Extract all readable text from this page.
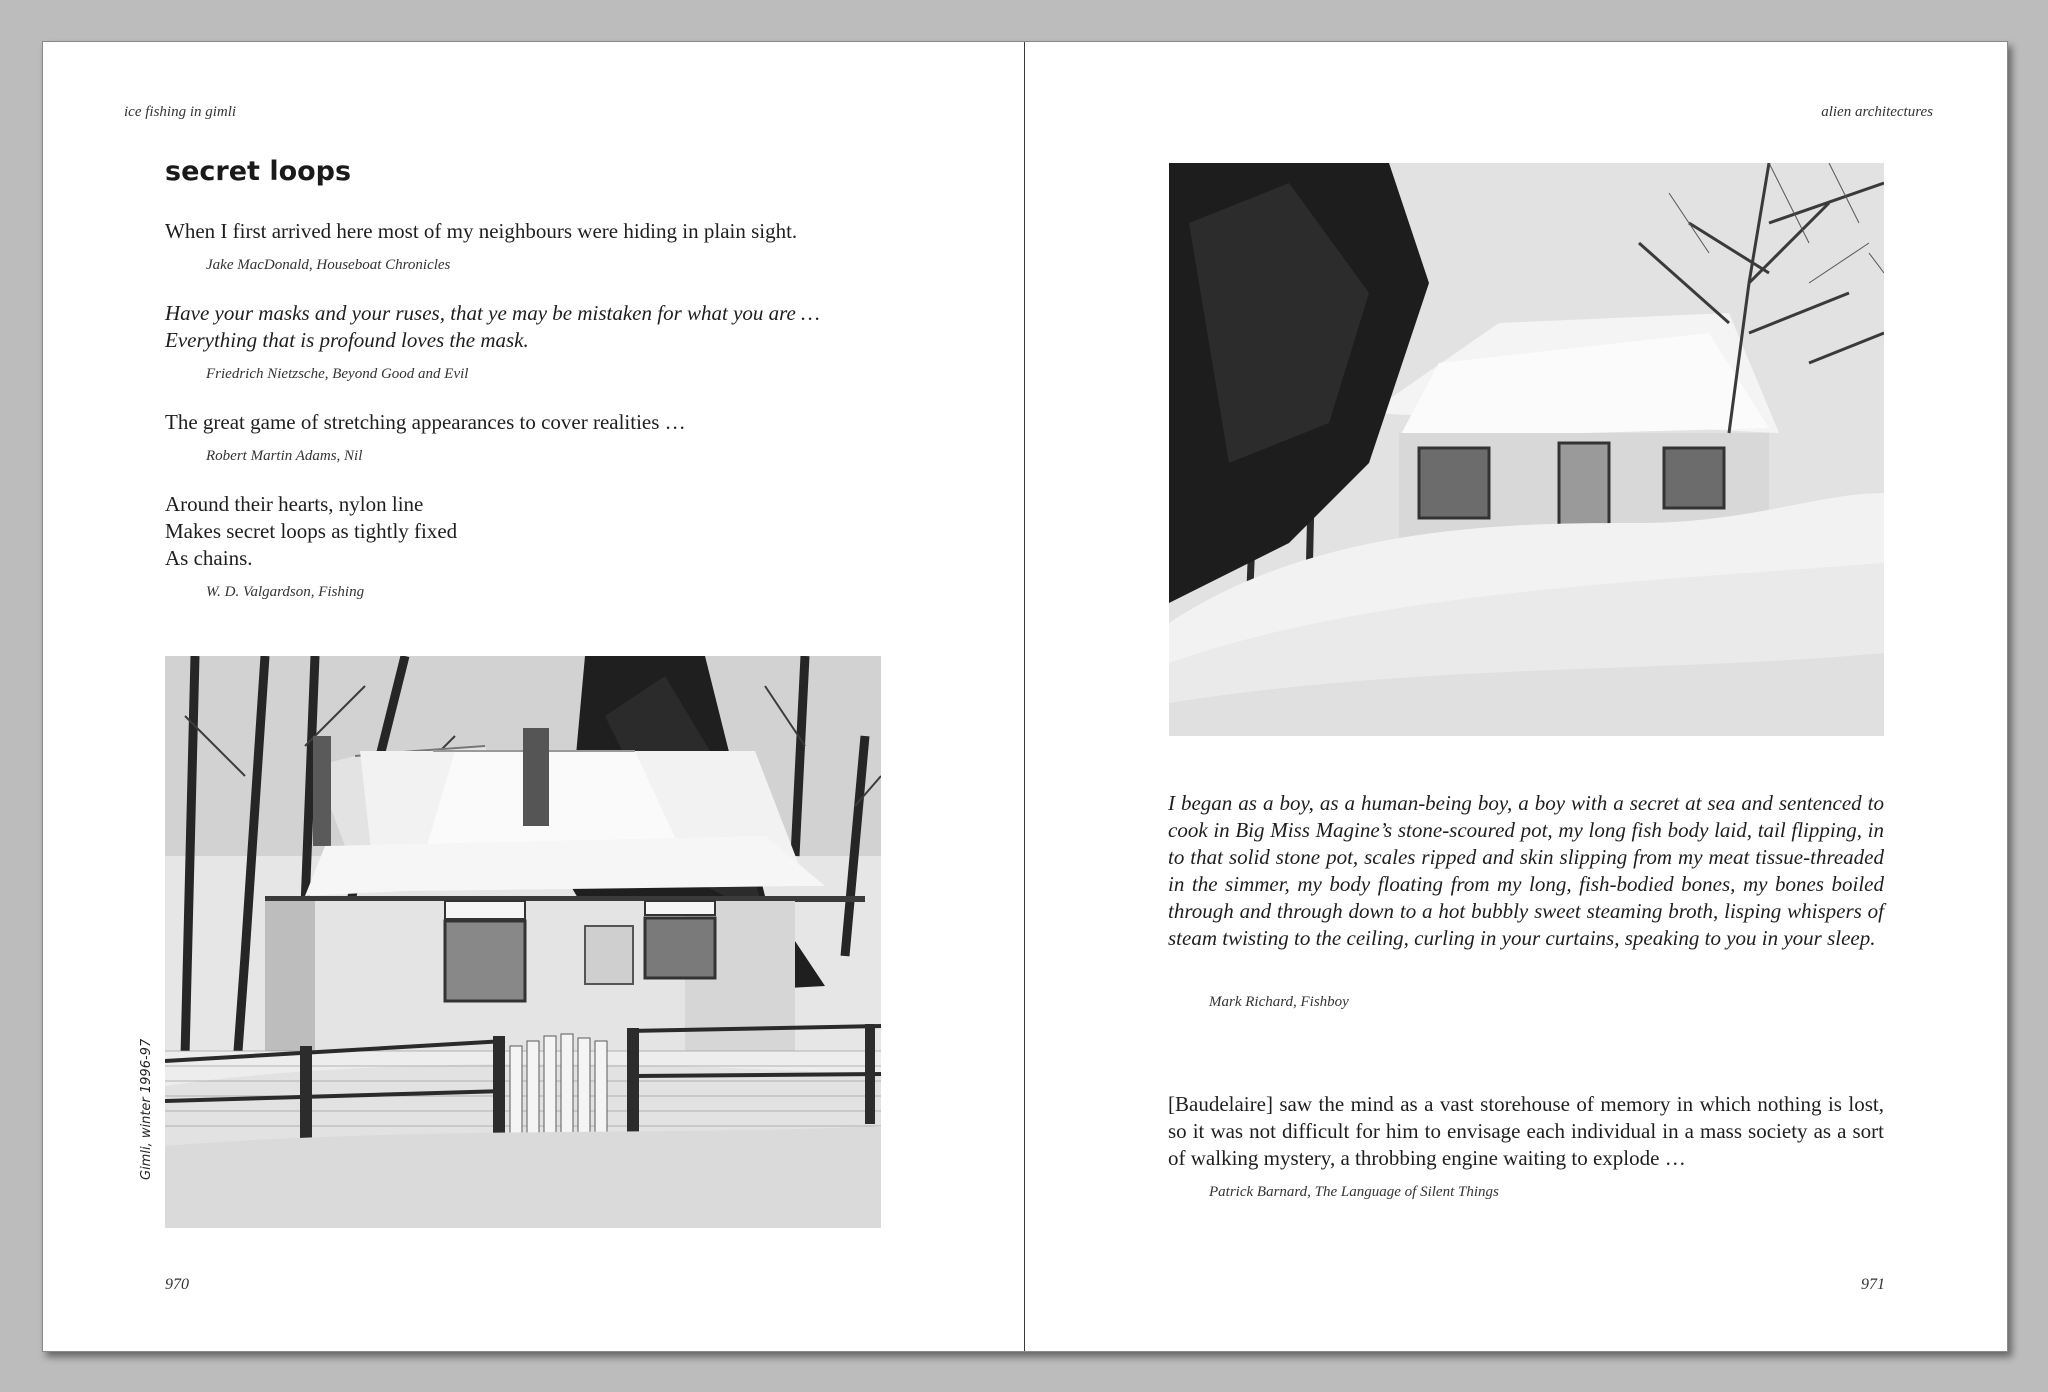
ice fishing in gimli
secret loops

When I first arrived here most of my neighbours were hiding in plain sight.

Jake MacDonald, Houseboat Chronicles

Have your masks and your ruses, that ye may be mistaken for what you are …

Everything that is profound loves the mask.

Friedrich Nietzsche, Beyond Good and Evil

The great game of stretching appearances to cover realities …

Robert Martin Adams, Nil

Around their hearts, nylon line

Makes secret loops as tightly fixed

As chains.

W. D. Valgardson, Fishing
Gimli, winter 1996-97
970
alien architectures

I began as a boy, as a human-being boy, a boy with a secret at sea and sentenced to cook in Big Miss Magine’s stone-scoured pot, my long fish body laid, tail flipping, in to that solid stone pot, scales ripped and skin slipping from my meat tissue-threaded in the simmer, my body floating from my long, fish-bodied bones, my bones boiled through and through down to a hot bubbly sweet steaming broth, lisping whispers of steam twisting to the ceiling, curling in your curtains, speaking to you in your sleep.

Mark Richard, Fishboy

[Baudelaire] saw the mind as a vast storehouse of memory in which nothing is lost, so it was not difficult for him to envisage each individual in a mass society as a sort of walking mystery, a throbbing engine waiting to explode …

Patrick Barnard, The Language of Silent Things
971
